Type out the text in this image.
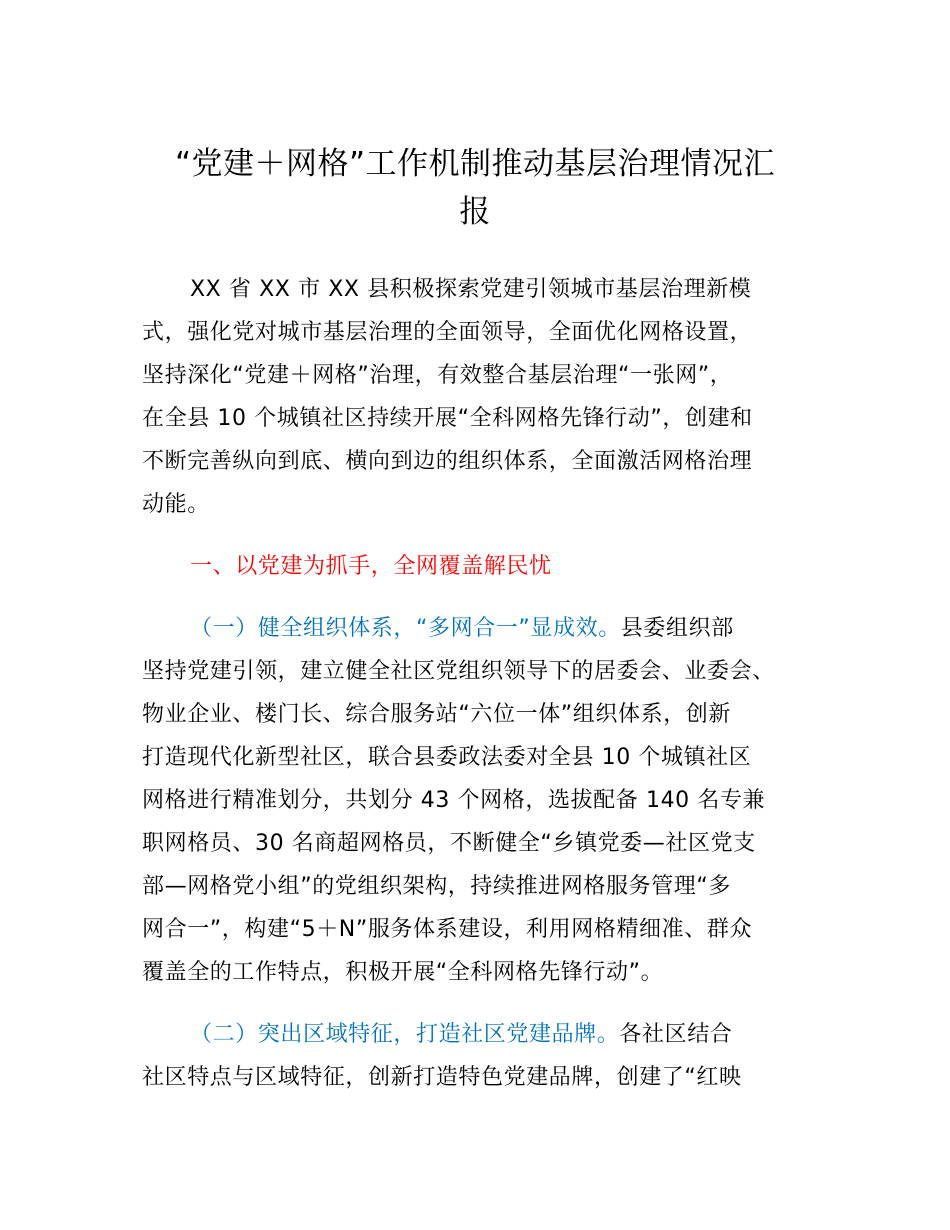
“党建＋网格”工作机制推动基层治理情况汇
报
XX 省 XX 市 XX 县积极探索党建引领城市基层治理新模
式，强化党对城市基层治理的全面领导，全面优化网格设置，
坚持深化“党建＋网格”治理，有效整合基层治理“一张网”，
在全县 10 个城镇社区持续开展“全科网格先锋行动”，创建和
不断完善纵向到底、横向到边的组织体系，全面激活网格治理
动能。
一、以党建为抓手，全网覆盖解民忧
（一）健全组织体系，“多网合一”显成效。县委组织部
坚持党建引领，建立健全社区党组织领导下的居委会、业委会、
物业企业、楼门长、综合服务站“六位一体”组织体系，创新
打造现代化新型社区，联合县委政法委对全县 10 个城镇社区
网格进行精准划分，共划分 43 个网格，选拔配备 140 名专兼
职网格员、30 名商超网格员，不断健全“乡镇党委—社区党支
部—网格党小组”的党组织架构，持续推进网格服务管理“多
网合一”，构建“5＋N”服务体系建设，利用网格精细准、群众
覆盖全的工作特点，积极开展“全科网格先锋行动”。
（二）突出区域特征，打造社区党建品牌。各社区结合
社区特点与区域特征，创新打造特色党建品牌，创建了“红映
